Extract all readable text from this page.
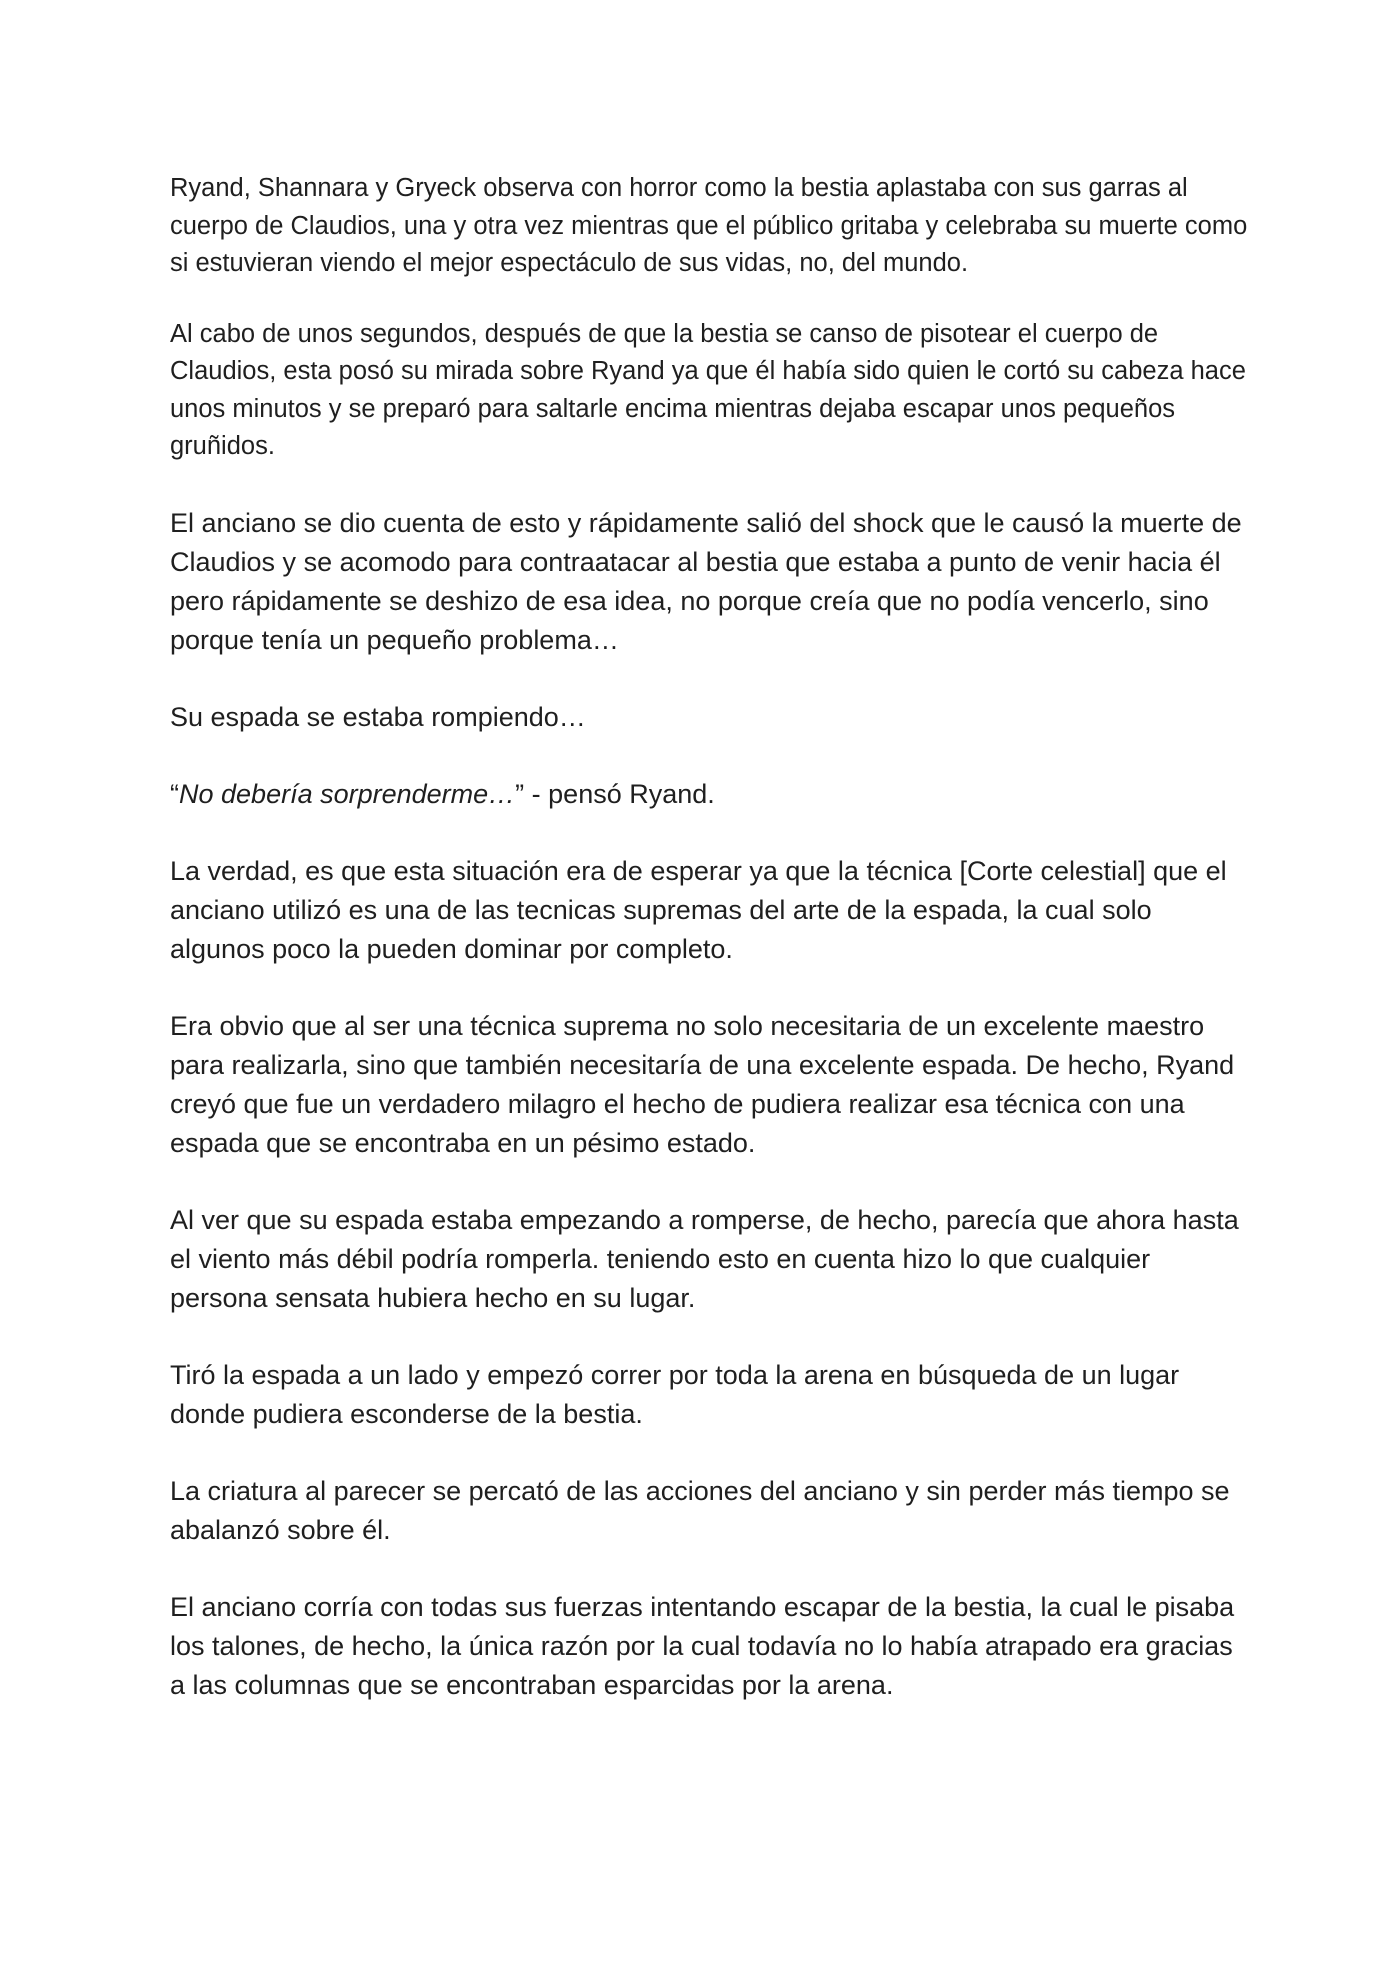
Ryand, Shannara y Gryeck observa con horror como la bestia aplastaba con sus garras al cuerpo de Claudios, una y otra vez mientras que el público gritaba y celebraba su muerte como si estuvieran viendo el mejor espectáculo de sus vidas, no, del mundo.

Al cabo de unos segundos, después de que la bestia se canso de pisotear el cuerpo de Claudios, esta posó su mirada sobre Ryand ya que él había sido quien le cortó su cabeza hace unos minutos y se preparó para saltarle encima mientras dejaba escapar unos pequeños gruñidos.

El anciano se dio cuenta de esto y rápidamente salió del shock que le causó la muerte de Claudios y se acomodo para contraatacar al bestia que estaba a punto de venir hacia él pero rápidamente se deshizo de esa idea, no porque creía que no podía vencerlo, sino porque tenía un pequeño problema…

Su espada se estaba rompiendo…

“No debería sorprenderme…” - pensó Ryand.

La verdad, es que esta situación era de esperar ya que la técnica [Corte celestial] que el anciano utilizó es una de las tecnicas supremas del arte de la espada, la cual solo algunos poco la pueden dominar por completo.

Era obvio que al ser una técnica suprema no solo necesitaria de un excelente maestro para realizarla, sino que también necesitaría de una excelente espada. De hecho, Ryand creyó que fue un verdadero milagro el hecho de pudiera realizar esa técnica con una espada que se encontraba en un pésimo estado.

Al ver que su espada estaba empezando a romperse, de hecho, parecía que ahora hasta el viento más débil podría romperla. teniendo esto en cuenta hizo lo que cualquier persona sensata hubiera hecho en su lugar.

Tiró la espada a un lado y empezó correr por toda la arena en búsqueda de un lugar donde pudiera esconderse de la bestia.

La criatura al parecer se percató de las acciones del anciano y sin perder más tiempo se abalanzó sobre él.

El anciano corría con todas sus fuerzas intentando escapar de la bestia, la cual le pisaba los talones, de hecho, la única razón por la cual todavía no lo había atrapado era gracias a las columnas que se encontraban esparcidas por la arena.
